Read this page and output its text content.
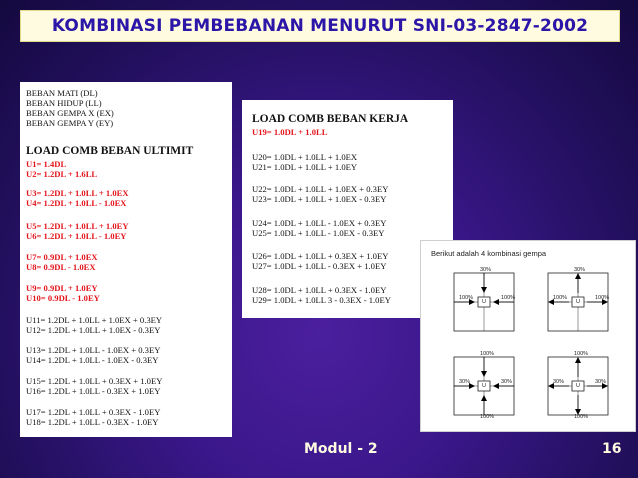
KOMBINASI PEMBEBANAN MENURUT SNI-03-2847-2002
BEBAN MATI (DL)
BEBAN HIDUP (LL)
BEBAN GEMPA X (EX)
BEBAN GEMPA Y (EY)
LOAD COMB BEBAN ULTIMIT
U1= 1.4DL
U2= 1.2DL + 1.6LL
U3= 1.2DL + 1.0LL + 1.0EX
U4= 1.2DL + 1.0LL - 1.0EX
U5= 1.2DL + 1.0LL + 1.0EY
U6= 1.2DL + 1.0LL - 1.0EY
U7= 0.9DL + 1.0EX
U8= 0.9DL - 1.0EX
U9= 0.9DL + 1.0EY
U10= 0.9DL - 1.0EY
U11= 1.2DL + 1.0LL + 1.0EX + 0.3EY
U12= 1.2DL + 1.0LL + 1.0EX - 0.3EY
U13= 1.2DL + 1.0LL - 1.0EX + 0.3EY
U14= 1.2DL + 1.0LL - 1.0EX - 0.3EY
U15= 1.2DL + 1.0LL + 0.3EX + 1.0EY
U16= 1.2DL + 1.0LL - 0.3EX + 1.0EY
U17= 1.2DL + 1.0LL + 0.3EX - 1.0EY
U18= 1.2DL + 1.0LL - 0.3EX - 1.0EY
LOAD COMB BEBAN KERJA
U19= 1.0DL + 1.0LL
U20= 1.0DL + 1.0LL + 1.0EX
U21= 1.0DL + 1.0LL + 1.0EY
U22= 1.0DL + 1.0LL + 1.0EX + 0.3EY
U23= 1.0DL + 1.0LL + 1.0EX - 0.3EY
U24= 1.0DL + 1.0LL - 1.0EX + 0.3EY
U25= 1.0DL + 1.0LL - 1.0EX - 0.3EY
U26= 1.0DL + 1.0LL + 0.3EX + 1.0EY
U27= 1.0DL + 1.0LL - 0.3EX + 1.0EY
U28= 1.0DL + 1.0LL + 0.3EX - 1.0EY
U29= 1.0DL + 1.0LL 3 - 0.3EX - 1.0EY
Berikut adalah 4 kombinasi gempa
30%
100%	100%
U
30%
100%	100%
U
100%
30%	30%
100%
U
100%
30%	30%
100%
U
Modul - 2	16
